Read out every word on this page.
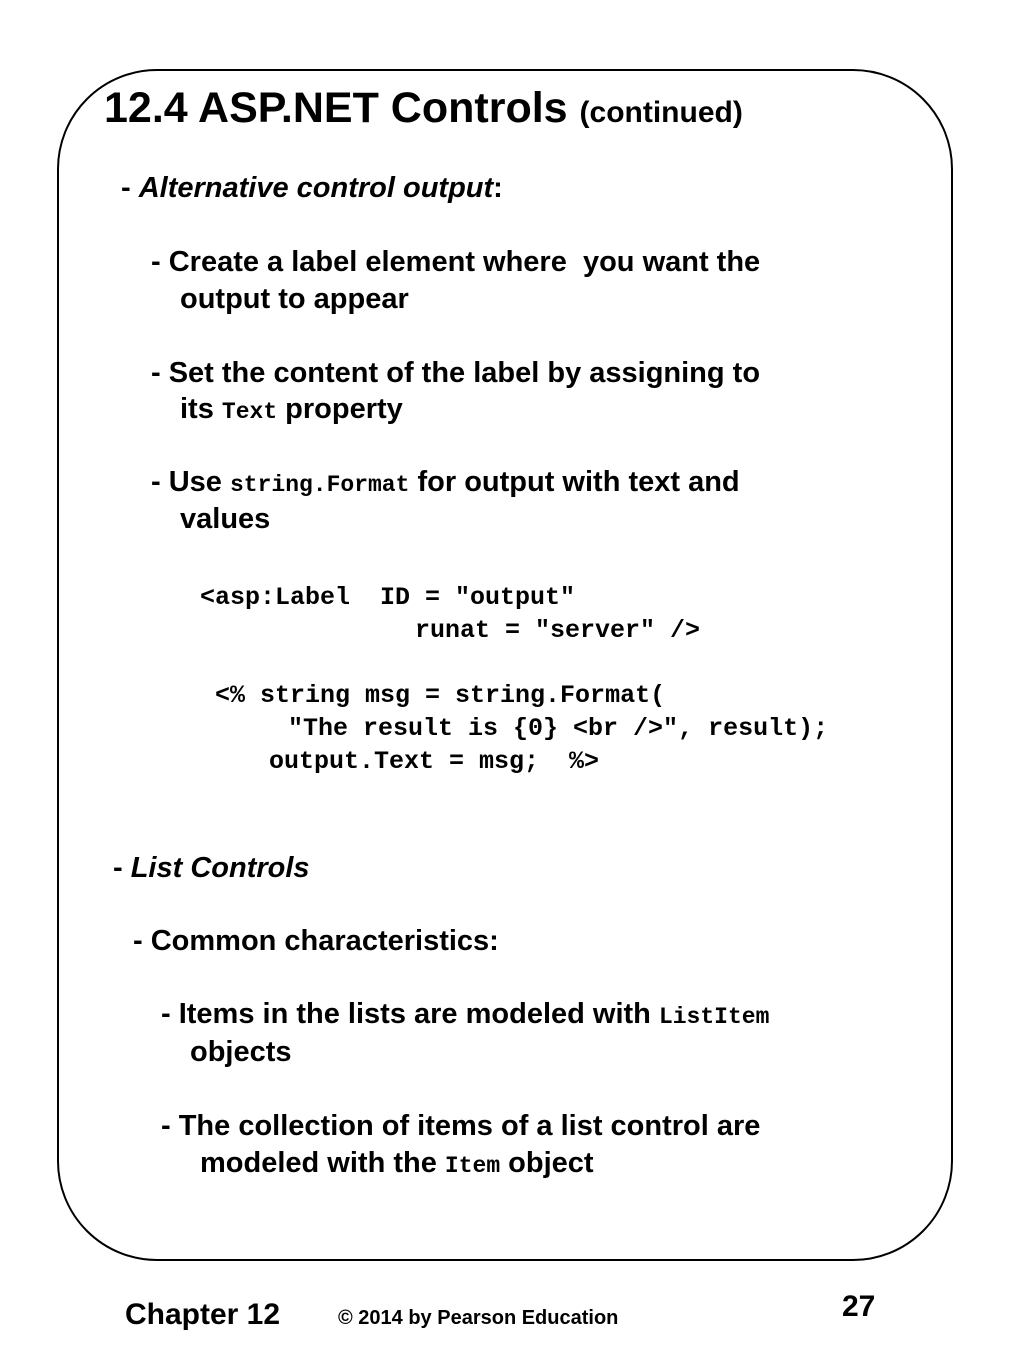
12.4 ASP.NET Controls (continued)
- Alternative control output:
- Create a label element where  you want the
output to appear
- Set the content of the label by assigning to
its Text property
- Use string.Format for output with text and
values
<asp:Label  ID = ″output″
runat = ″server″ />
<% string msg = string.Format(
″The result is {0} <br />″, result);
output.Text = msg;  %>
- List Controls
- Common characteristics:
- Items in the lists are modeled with ListItem
objects
- The collection of items of a list control are
modeled with the Item object
Chapter 12	© 2014 by Pearson Education	27
